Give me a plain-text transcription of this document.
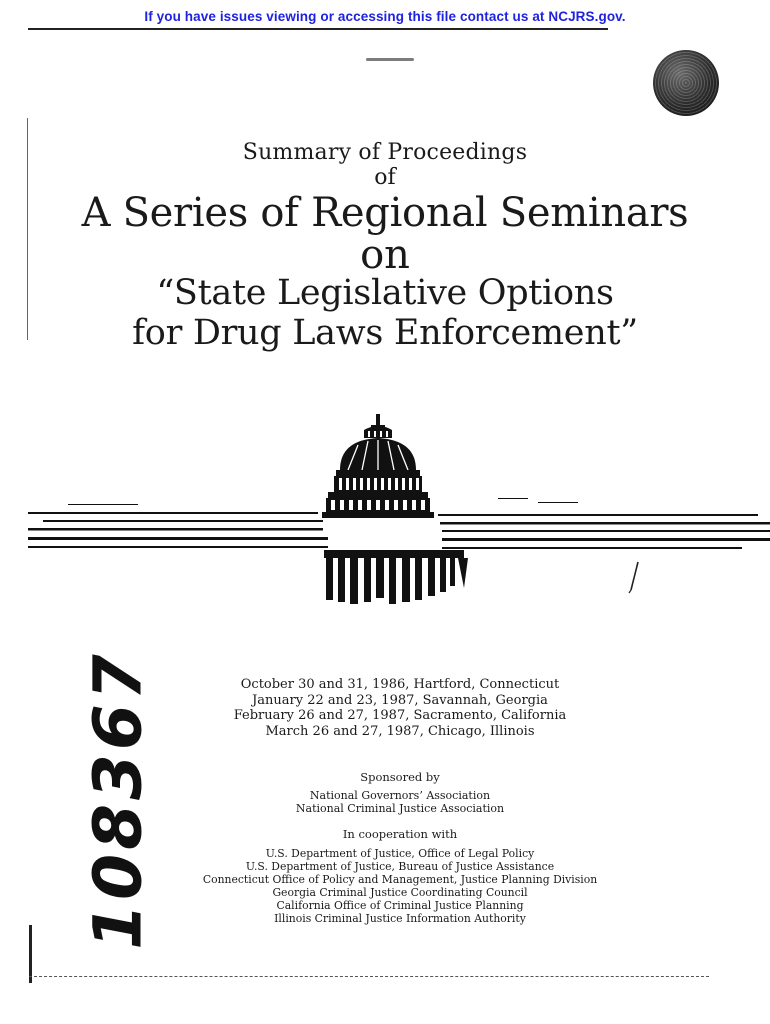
If you have issues viewing or accessing this file contact us at NCJRS.gov.
Summary of Proceedings
of
A Series of Regional Seminars
on
“State Legislative Options
for Drug Laws Enforcement”
108367	October 30 and 31, 1986, Hartford, Connecticut
January 22 and 23, 1987, Savannah, Georgia
February 26 and 27, 1987, Sacramento, California
March 26 and 27, 1987, Chicago, Illinois
Sponsored by
National Governors’ Association
National Criminal Justice Association
In cooperation with
U.S. Department of Justice, Office of Legal Policy
U.S. Department of Justice, Bureau of Justice Assistance
Connecticut Office of Policy and Management, Justice Planning Division
Georgia Criminal Justice Coordinating Council
California Office of Criminal Justice Planning
Illinois Criminal Justice Information Authority
